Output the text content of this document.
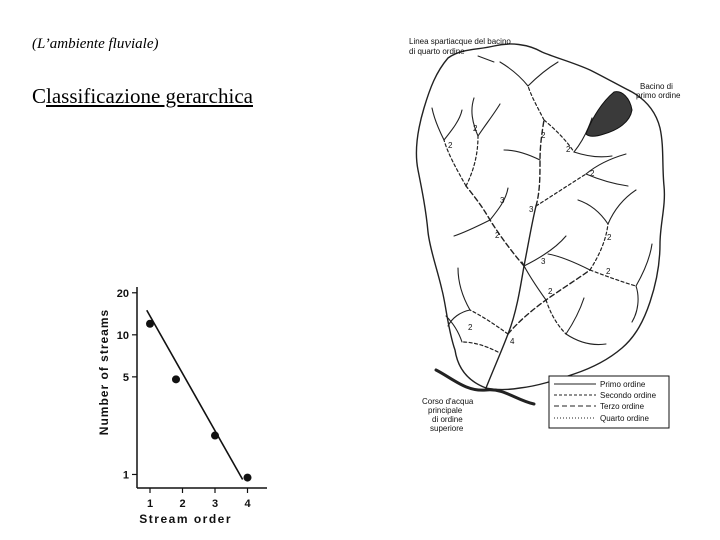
(L’ambiente fluviale)
Classificazione gerarchica
1 2 3 4
1
5
10
20
Stream order
Number of streams
Linea spartiacque del bacino
di quarto ordine
Bacino di
primo ordine
Corso d'acqua
principale
di ordine
superiore
2
2
2
2
2
3
3
2	2
3
2
2
2
4
Primo ordine
Secondo ordine
Terzo ordine
Quarto ordine
